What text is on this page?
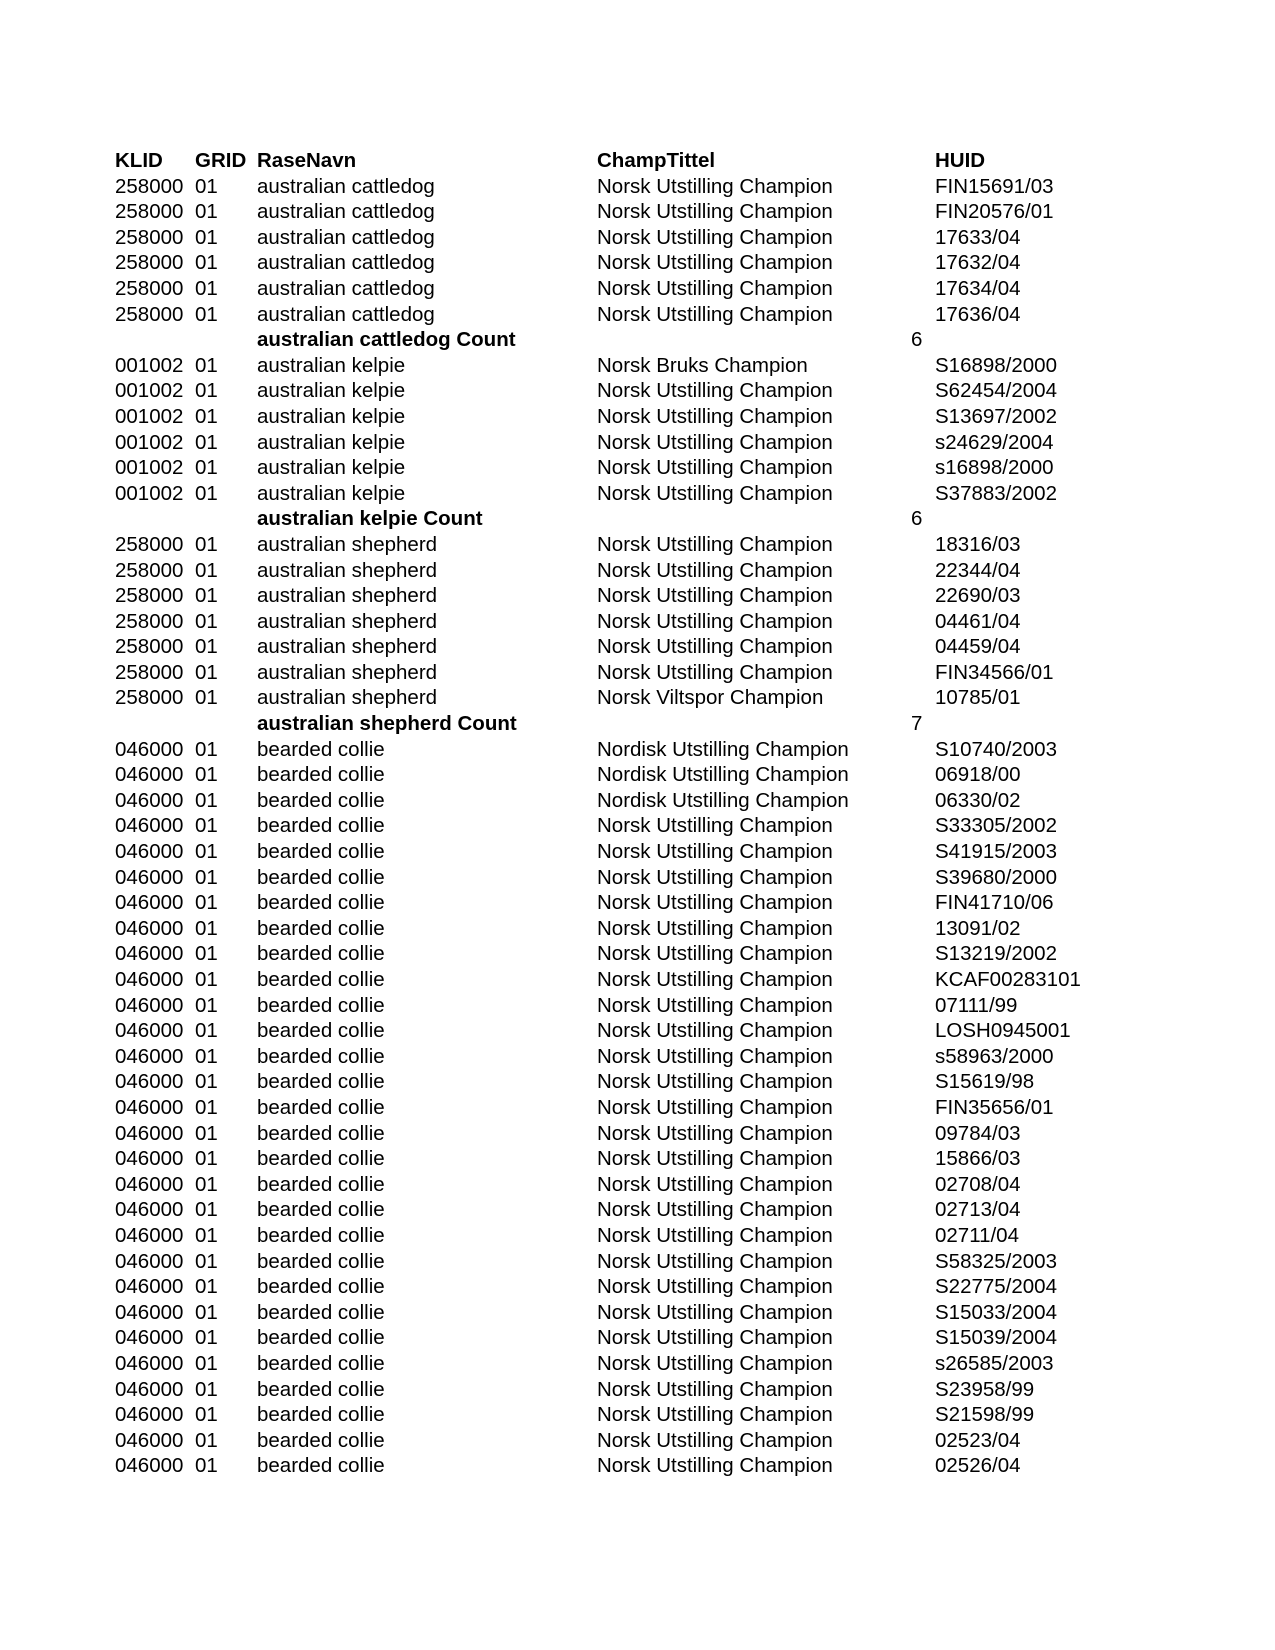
KLID GRID RaseNavn	ChampTittel	HUID
258000 01 australian cattledog	Norsk Utstilling Champion	FIN15691/03
258000 01 australian cattledog	Norsk Utstilling Champion	FIN20576/01
258000 01 australian cattledog	Norsk Utstilling Champion	17633/04
258000 01 australian cattledog	Norsk Utstilling Champion	17632/04
258000 01 australian cattledog	Norsk Utstilling Champion	17634/04
258000 01 australian cattledog	Norsk Utstilling Champion	17636/04
australian cattledog Count	6
001002 01 australian kelpie	Norsk Bruks Champion	S16898/2000
001002 01 australian kelpie	Norsk Utstilling Champion	S62454/2004
001002 01 australian kelpie	Norsk Utstilling Champion	S13697/2002
001002 01 australian kelpie	Norsk Utstilling Champion	s24629/2004
001002 01 australian kelpie	Norsk Utstilling Champion	s16898/2000
001002 01 australian kelpie	Norsk Utstilling Champion	S37883/2002
australian kelpie Count	6
258000 01 australian shepherd	Norsk Utstilling Champion	18316/03
258000 01 australian shepherd	Norsk Utstilling Champion	22344/04
258000 01 australian shepherd	Norsk Utstilling Champion	22690/03
258000 01 australian shepherd	Norsk Utstilling Champion	04461/04
258000 01 australian shepherd	Norsk Utstilling Champion	04459/04
258000 01 australian shepherd	Norsk Utstilling Champion	FIN34566/01
258000 01 australian shepherd	Norsk Viltspor Champion	10785/01
australian shepherd Count	7
046000 01 bearded collie	Nordisk Utstilling Champion	S10740/2003
046000 01 bearded collie	Nordisk Utstilling Champion	06918/00
046000 01 bearded collie	Nordisk Utstilling Champion	06330/02
046000 01 bearded collie	Norsk Utstilling Champion	S33305/2002
046000 01 bearded collie	Norsk Utstilling Champion	S41915/2003
046000 01 bearded collie	Norsk Utstilling Champion	S39680/2000
046000 01 bearded collie	Norsk Utstilling Champion	FIN41710/06
046000 01 bearded collie	Norsk Utstilling Champion	13091/02
046000 01 bearded collie	Norsk Utstilling Champion	S13219/2002
046000 01 bearded collie	Norsk Utstilling Champion	KCAF00283101
046000 01 bearded collie	Norsk Utstilling Champion	07111/99
046000 01 bearded collie	Norsk Utstilling Champion	LOSH0945001
046000 01 bearded collie	Norsk Utstilling Champion	s58963/2000
046000 01 bearded collie	Norsk Utstilling Champion	S15619/98
046000 01 bearded collie	Norsk Utstilling Champion	FIN35656/01
046000 01 bearded collie	Norsk Utstilling Champion	09784/03
046000 01 bearded collie	Norsk Utstilling Champion	15866/03
046000 01 bearded collie	Norsk Utstilling Champion	02708/04
046000 01 bearded collie	Norsk Utstilling Champion	02713/04
046000 01 bearded collie	Norsk Utstilling Champion	02711/04
046000 01 bearded collie	Norsk Utstilling Champion	S58325/2003
046000 01 bearded collie	Norsk Utstilling Champion	S22775/2004
046000 01 bearded collie	Norsk Utstilling Champion	S15033/2004
046000 01 bearded collie	Norsk Utstilling Champion	S15039/2004
046000 01 bearded collie	Norsk Utstilling Champion	s26585/2003
046000 01 bearded collie	Norsk Utstilling Champion	S23958/99
046000 01 bearded collie	Norsk Utstilling Champion	S21598/99
046000 01 bearded collie	Norsk Utstilling Champion	02523/04
046000 01 bearded collie	Norsk Utstilling Champion	02526/04
